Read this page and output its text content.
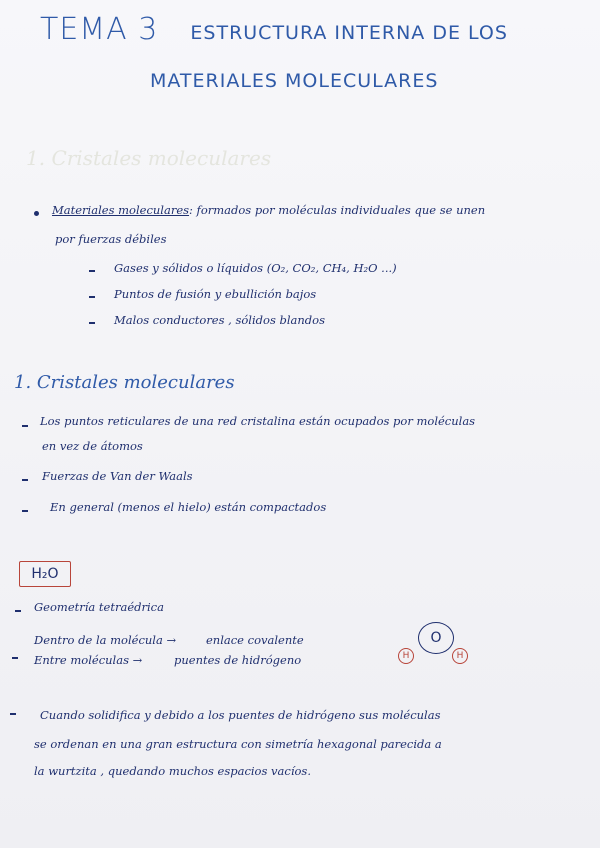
TEMA 3 ESTRUCTURA INTERNA DE LOS
MATERIALES MOLECULARES
1. Cristales moleculares
Materiales moleculares: formados por moléculas individuales que se unen
por fuerzas débiles
Gases y sólidos o líquidos (O₂, CO₂, CH₄, H₂O ...)
Puntos de fusión y ebullición bajos
Malos conductores , sólidos blandos
1. Cristales moleculares
Los puntos reticulares de una red cristalina están ocupados por moléculas
en vez de átomos
Fuerzas de Van der Waals
En general (menos el hielo) están compactados
H₂O
Geometría tetraédrica
Dentro de la molécula →	enlace covalente
Entre moléculas →	puentes de hidrógeno
O
H	H
Cuando solidifica y debido a los puentes de hidrógeno sus moléculas
se ordenan en una gran estructura con simetría hexagonal parecida a
la wurtzita , quedando muchos espacios vacíos.
